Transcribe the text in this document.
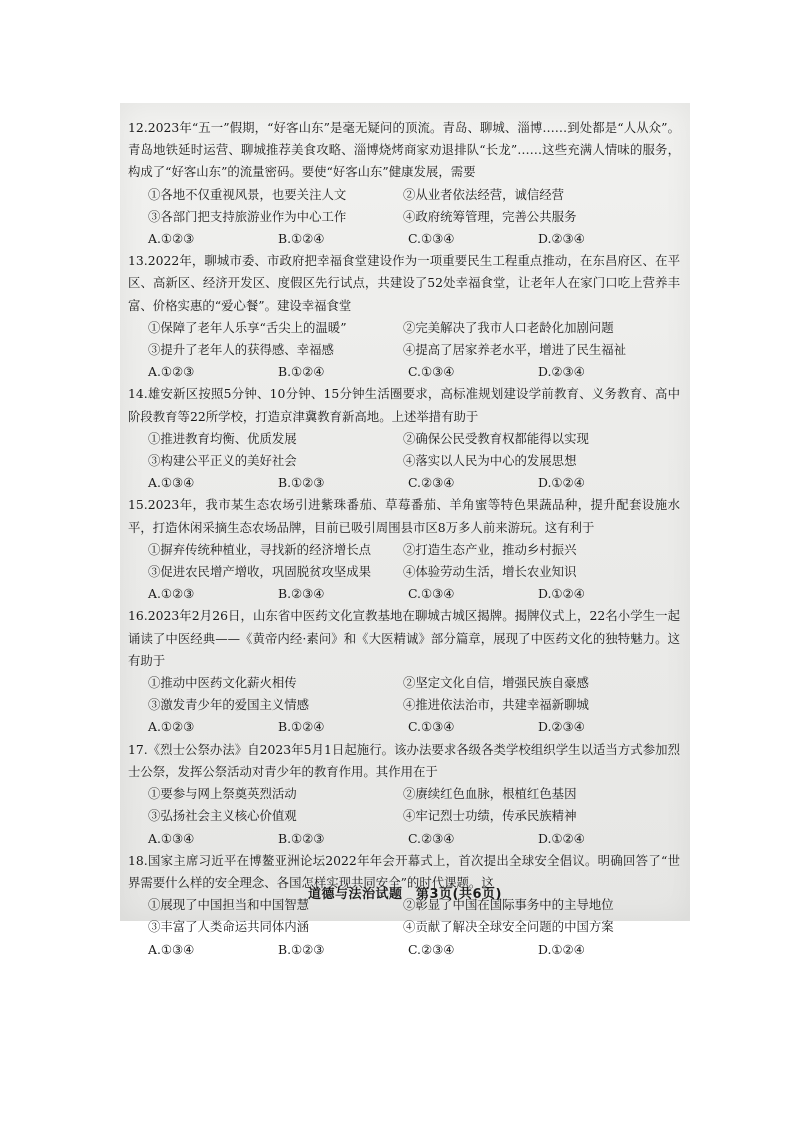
12.2023年“五一”假期，“好客山东”是毫无疑问的顶流。青岛、聊城、淄博……到处都是“人从众”。青岛地铁延时运营、聊城推荐美食攻略、淄博烧烤商家劝退排队“长龙”……这些充满人情味的服务，构成了“好客山东”的流量密码。要使“好客山东”健康发展，需要

①各地不仅重视风景，也要关注人文	②从业者依法经营，诚信经营
③各部门把支持旅游业作为中心工作	④政府统筹管理，完善公共服务
A.①②③	B.①②④	C.①③④	D.②③④

13.2022年，聊城市委、市政府把幸福食堂建设作为一项重要民生工程重点推动，在东昌府区、在平区、高新区、经济开发区、度假区先行试点，共建设了52处幸福食堂，让老年人在家门口吃上营养丰富、价格实惠的“爱心餐”。建设幸福食堂

①保障了老年人乐享“舌尖上的温暖”	②完美解决了我市人口老龄化加剧问题
③提升了老年人的获得感、幸福感	④提高了居家养老水平，增进了民生福祉
A.①②③	B.①②④	C.①③④	D.②③④

14.雄安新区按照5分钟、10分钟、15分钟生活圈要求，高标准规划建设学前教育、义务教育、高中阶段教育等22所学校，打造京津冀教育新高地。上述举措有助于

①推进教育均衡、优质发展	②确保公民受教育权都能得以实现
③构建公平正义的美好社会	④落实以人民为中心的发展思想
A.①③④	B.①②③	C.②③④	D.①②④

15.2023年，我市某生态农场引进紫珠番茄、草莓番茄、羊角蜜等特色果蔬品种，提升配套设施水平，打造休闲采摘生态农场品牌，目前已吸引周围县市区8万多人前来游玩。这有利于

①摒弃传统种植业，寻找新的经济增长点	②打造生态产业，推动乡村振兴
③促进农民增产增收，巩固脱贫攻坚成果	④体验劳动生活，增长农业知识
A.①②③	B.②③④	C.①③④	D.①②④

16.2023年2月26日，山东省中医药文化宣教基地在聊城古城区揭牌。揭牌仪式上，22名小学生一起诵读了中医经典——《黄帝内经·素问》和《大医精诚》部分篇章，展现了中医药文化的独特魅力。这有助于

①推动中医药文化薪火相传	②坚定文化自信，增强民族自豪感
③激发青少年的爱国主义情感	④推进依法治市，共建幸福新聊城
A.①②③	B.①②④	C.①③④	D.②③④

17.《烈士公祭办法》自2023年5月1日起施行。该办法要求各级各类学校组织学生以适当方式参加烈士公祭，发挥公祭活动对青少年的教育作用。其作用在于

①要参与网上祭奠英烈活动	②赓续红色血脉，根植红色基因
③弘扬社会主义核心价值观	④牢记烈士功绩，传承民族精神
A.①③④	B.①②③	C.②③④	D.①②④

18.国家主席习近平在博鳌亚洲论坛2022年年会开幕式上，首次提出全球安全倡议。明确回答了“世界需要什么样的安全理念、各国怎样实现共同安全”的时代课题。这

①展现了中国担当和中国智慧	②彰显了中国在国际事务中的主导地位
③丰富了人类命运共同体内涵	④贡献了解决全球安全问题的中国方案
A.①③④	B.①②③	C.②③④	D.①②④
道德与法治试题　第3页(共6页)
